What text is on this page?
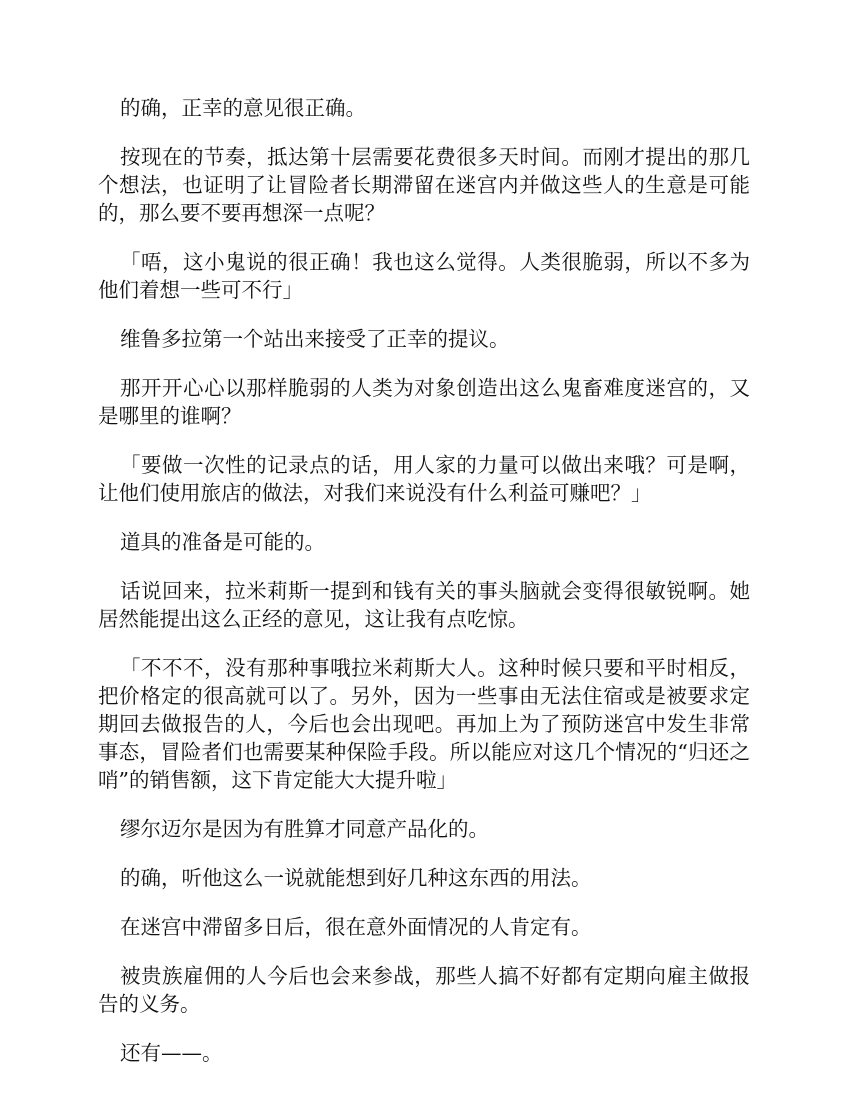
的确，正幸的意见很正确。

按现在的节奏，抵达第十层需要花费很多天时间。而刚才提出的那几个想法，也证明了让冒险者长期滞留在迷宫内并做这些人的生意是可能的，那么要不要再想深一点呢？

「唔，这小鬼说的很正确！我也这么觉得。人类很脆弱，所以不多为他们着想一些可不行」

维鲁多拉第一个站出来接受了正幸的提议。

那开开心心以那样脆弱的人类为对象创造出这么鬼畜难度迷宫的，又是哪里的谁啊？

「要做一次性的记录点的话，用人家的力量可以做出来哦？可是啊，让他们使用旅店的做法，对我们来说没有什么利益可赚吧？」

道具的准备是可能的。

话说回来，拉米莉斯一提到和钱有关的事头脑就会变得很敏锐啊。她居然能提出这么正经的意见，这让我有点吃惊。

「不不不，没有那种事哦拉米莉斯大人。这种时候只要和平时相反，把价格定的很高就可以了。另外，因为一些事由无法住宿或是被要求定期回去做报告的人，今后也会出现吧。再加上为了预防迷宫中发生非常事态，冒险者们也需要某种保险手段。所以能应对这几个情况的“归还之哨”的销售额，这下肯定能大大提升啦」

缪尔迈尔是因为有胜算才同意产品化的。

的确，听他这么一说就能想到好几种这东西的用法。

在迷宫中滞留多日后，很在意外面情况的人肯定有。

被贵族雇佣的人今后也会来参战，那些人搞不好都有定期向雇主做报告的义务。

还有——。
